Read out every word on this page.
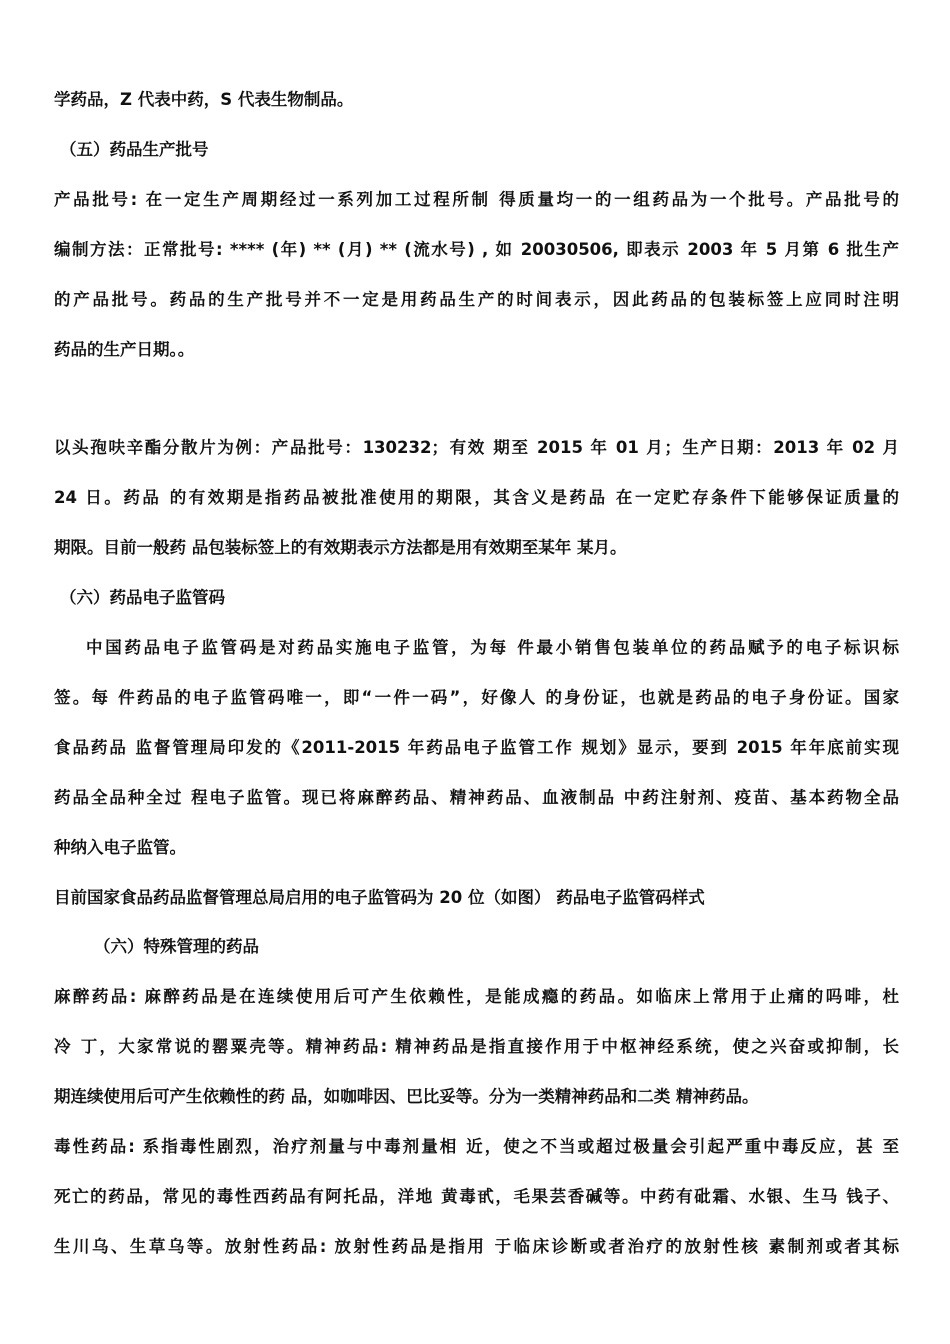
学药品，Z 代表中药，S 代表生物制品。

（五）药品生产批号

产品批号: 在一定生产周期经过一系列加工过程所制 得质量均一的一组药品为一个批号。产品批号的

编制方法：正常批号: **** (年) ** (月) ** (流水号) , 如 20030506, 即表示 2003 年 5 月第 6 批生产

的产品批号。药品的生产批号并不一定是用药品生产的时间表示，因此药品的包装标签上应同时注明

药品的生产日期。。

以头孢呋辛酯分散片为例：产品批号：130232；有效 期至 2015 年 01 月；生产日期：2013 年 02 月

24 日。药品 的有效期是指药品被批准使用的期限，其含义是药品 在一定贮存条件下能够保证质量的

期限。目前一般药 品包装标签上的有效期表示方法都是用有效期至某年 某月。

（六）药品电子监管码

中国药品电子监管码是对药品实施电子监管，为每 件最小销售包装单位的药品赋予的电子标识标

签。每 件药品的电子监管码唯一，即“一件一码”，好像人 的身份证，也就是药品的电子身份证。国家

食品药品 监督管理局印发的《2011-2015 年药品电子监管工作 规划》显示，要到 2015 年年底前实现

药品全品种全过 程电子监管。现已将麻醉药品、精神药品、血液制品 中药注射剂、疫苗、基本药物全品

种纳入电子监管。

目前国家食品药品监督管理总局启用的电子监管码为 20 位（如图） 药品电子监管码样式

（六）特殊管理的药品

麻醉药品: 麻醉药品是在连续使用后可产生依赖性，是能成瘾的药品。如临床上常用于止痛的吗啡，杜

冷 丁，大家常说的罂粟壳等。精神药品: 精神药品是指直接作用于中枢神经系统，使之兴奋或抑制，长

期连续使用后可产生依赖性的药 品，如咖啡因、巴比妥等。分为一类精神药品和二类 精神药品。

毒性药品: 系指毒性剧烈，治疗剂量与中毒剂量相 近，使之不当或超过极量会引起严重中毒反应，甚 至

死亡的药品，常见的毒性西药品有阿托品，洋地 黄毒甙，毛果芸香碱等。中药有砒霜、水银、生马 钱子、

生川乌、生草乌等。放射性药品: 放射性药品是指用 于临床诊断或者治疗的放射性核 素制剂或者其标
